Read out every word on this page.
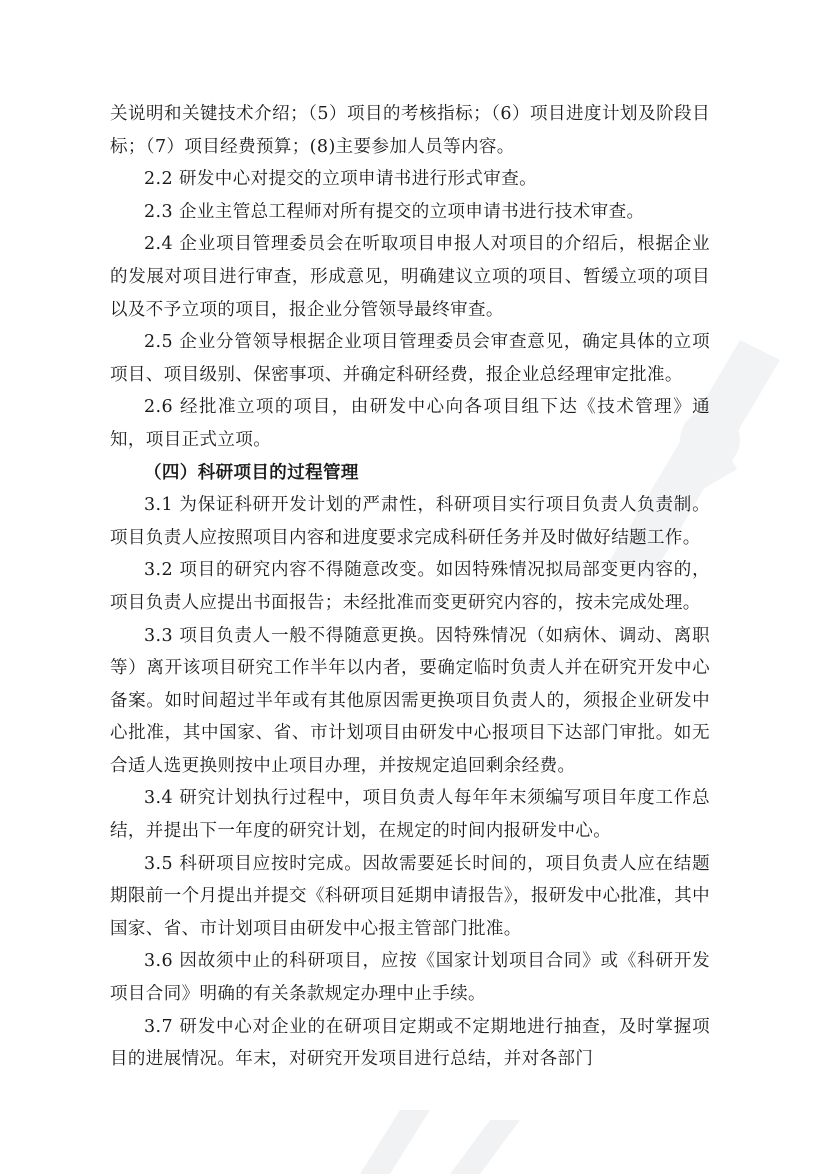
关说明和关键技术介绍；（5）项目的考核指标；（6）项目进度计划及阶段目标；（7）项目经费预算；(8)主要参加人员等内容。

2.2 研发中心对提交的立项申请书进行形式审查。

2.3 企业主管总工程师对所有提交的立项申请书进行技术审查。

2.4 企业项目管理委员会在听取项目申报人对项目的介绍后，根据企业的发展对项目进行审查，形成意见，明确建议立项的项目、暂缓立项的项目以及不予立项的项目，报企业分管领导最终审查。

2.5 企业分管领导根据企业项目管理委员会审查意见，确定具体的立项项目、项目级别、保密事项、并确定科研经费，报企业总经理审定批准。

2.6 经批准立项的项目，由研发中心向各项目组下达《技术管理》通知，项目正式立项。

（四）科研项目的过程管理

3.1 为保证科研开发计划的严肃性，科研项目实行项目负责人负责制。项目负责人应按照项目内容和进度要求完成科研任务并及时做好结题工作。

3.2 项目的研究内容不得随意改变。如因特殊情况拟局部变更内容的，项目负责人应提出书面报告；未经批准而变更研究内容的，按未完成处理。

3.3 项目负责人一般不得随意更换。因特殊情况（如病休、调动、离职等）离开该项目研究工作半年以内者，要确定临时负责人并在研究开发中心备案。如时间超过半年或有其他原因需更换项目负责人的，须报企业研发中心批准，其中国家、省、市计划项目由研发中心报项目下达部门审批。如无合适人选更换则按中止项目办理，并按规定追回剩余经费。

3.4 研究计划执行过程中，项目负责人每年年末须编写项目年度工作总结，并提出下一年度的研究计划，在规定的时间内报研发中心。

3.5 科研项目应按时完成。因故需要延长时间的，项目负责人应在结题期限前一个月提出并提交《科研项目延期申请报告》，报研发中心批准，其中国家、省、市计划项目由研发中心报主管部门批准。

3.6 因故须中止的科研项目，应按《国家计划项目合同》或《科研开发项目合同》明确的有关条款规定办理中止手续。

3.7 研发中心对企业的在研项目定期或不定期地进行抽查，及时掌握项目的进展情况。年末，对研究开发项目进行总结，并对各部门
